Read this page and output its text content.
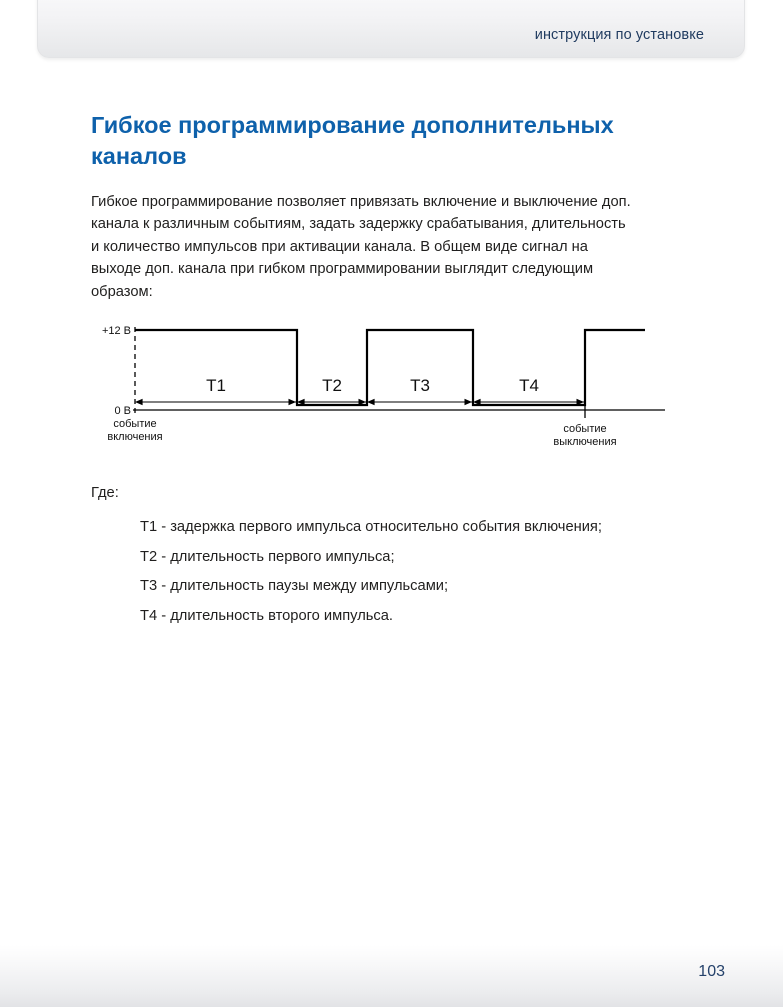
инструкция по установке
Гибкое программирование дополнительных каналов

Гибкое программирование позволяет привязать включение и выключение доп. канала к различным событиям, задать задержку срабатывания, длительность и количество импульсов при активации канала. В общем виде сигнал на выходе доп. канала при гибком программировании выглядит следующим образом:

+12 В
0 В
T1	T2	T3	T4
событие
включения
событие
выключения
Где:
T1 - задержка первого импульса относительно события включения;
T2 - длительность первого импульса;
T3 - длительность паузы между импульсами;
T4 - длительность второго импульса.
103
